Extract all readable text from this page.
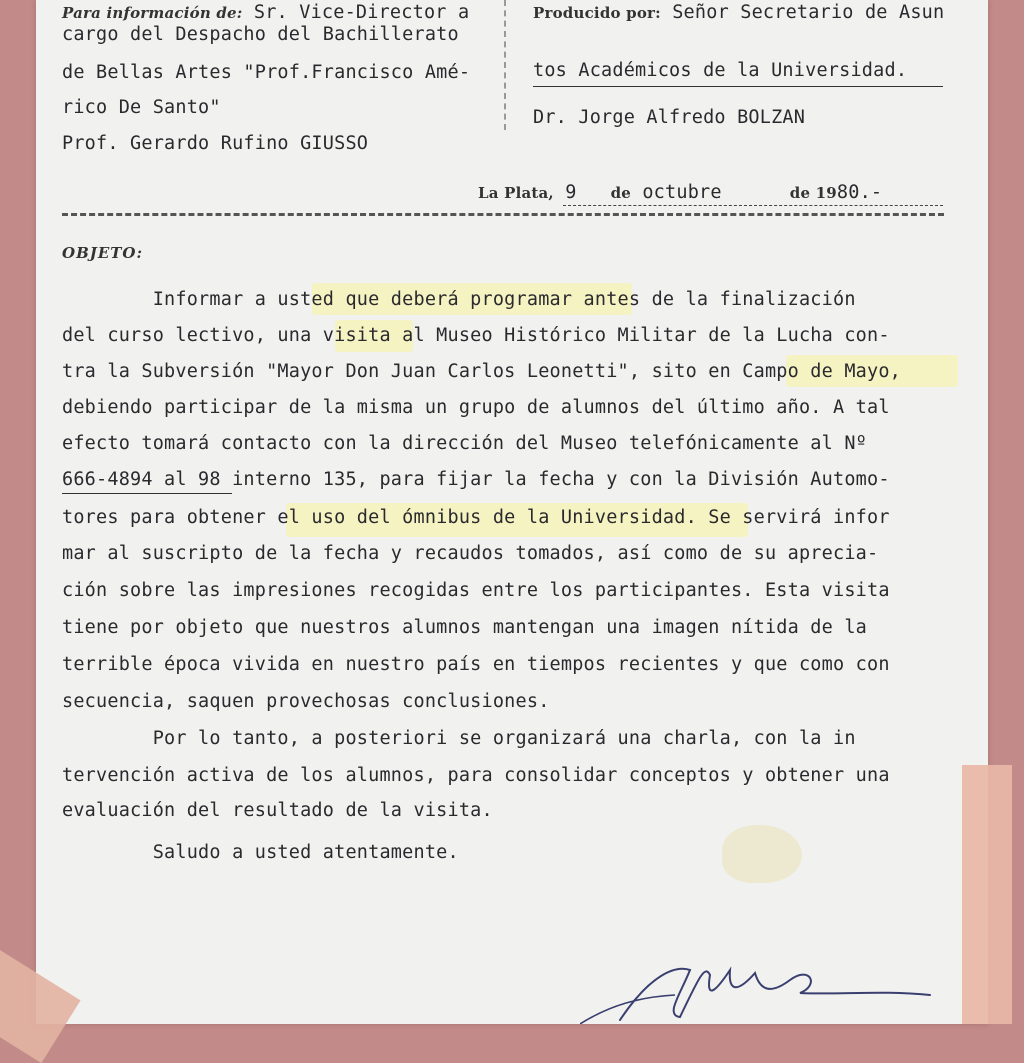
Para información de: Sr. Vice-Director a
cargo del Despacho del Bachillerato
de Bellas Artes "Prof.Francisco Amé-
rico De Santo"
Prof. Gerardo Rufino GIUSSO
Producido por: Señor Secretario de Asun
tos Académicos de la Universidad.
Dr. Jorge Alfredo BOLZAN
La Plata, 9 de octubre	de 1980.-
OBJETO:
Informar a usted que deberá programar antes de la finalización
del curso lectivo, una visita al Museo Histórico Militar de la Lucha con-
tra la Subversión "Mayor Don Juan Carlos Leonetti", sito en Campo de Mayo,
debiendo participar de la misma un grupo de alumnos del último año. A tal
efecto tomará contacto con la dirección del Museo telefónicamente al Nº
666-4894 al 98 interno 135, para fijar la fecha y con la División Automo-
tores para obtener el uso del ómnibus de la Universidad. Se servirá infor
mar al suscripto de la fecha y recaudos tomados, así como de su aprecia-
ción sobre las impresiones recogidas entre los participantes. Esta visita
tiene por objeto que nuestros alumnos mantengan una imagen nítida de la
terrible época vivida en nuestro país en tiempos recientes y que como con
secuencia, saquen provechosas conclusiones.
Por lo tanto, a posteriori se organizará una charla, con la in
tervención activa de los alumnos, para consolidar conceptos y obtener una
evaluación del resultado de la visita.
Saludo a usted atentamente.
